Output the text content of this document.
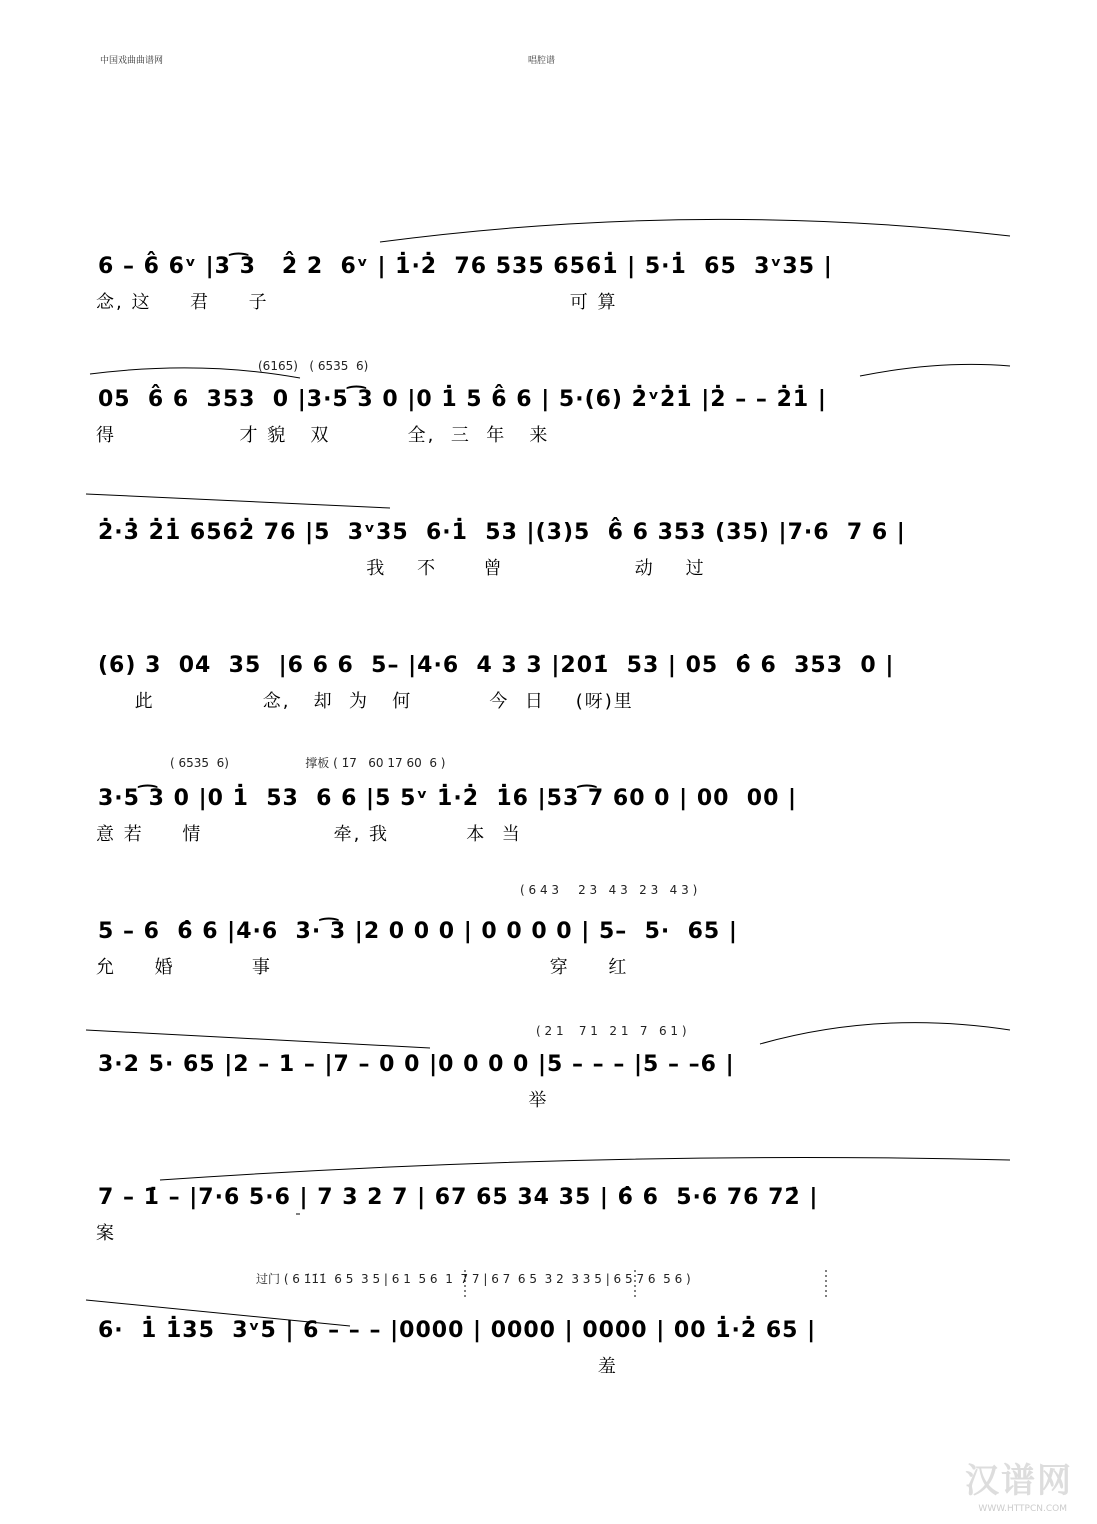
中国戏曲曲谱网	唱腔谱
6 – 6̂ 6ᵛ |3 ͡3   2̂ 2  6ᵛ | 1̇·2̇  76 535 6561̇ | 5·1̇  65  3ᵛ35 |
念, 这     君     子                                       可 算
(6165)   ( 6535  6)
05  6̂ 6  353  0 |3·5 ͡3 0 |0 1̇ 5 6̂ 6 | 5·(6) 2̇ᵛ2̇1̇ |2̇ – – 2̇1̇ |
得                才 貌   双          全,  三  年   来
2̇·3̇ 2̇1̇ 6562̇ 76 |5  3ᵛ35  6·1̇  53 |(3)5  6̂ 6 353 (35) |7·6  7 6 |
我    不      曾                 动    过
(6) 3  04  35  |6 6 6  5– |4·6  4 3 3 |201̇  53 | 05  6̂ 6  353  0 |
此              念,   却  为   何          今  日    (呀)里
( 6535  6)                    撑板 ( 1̇7   60 17 60  6 )
3·5 ͡3 0 |0 1̇  53  6 6 |5 5ᵛ 1̇·2̇  1̇6 |53 ͡7 60 0 | 00  00 |
意 若     情                 牵, 我          本  当
( 6 4 3     2 3   4 3   2 3   4 3 )
5 – 6  6̂ 6 |4·6  3· ͡3 |2 0 0 0 | 0 0 0 0 | 5–  5·  65 |
允     婚          事                                    穿     红
( 2 1    7 1   2 1   7   6 1 )
3·2 5· 65 |2 – 1 – |7 – 0 0 |0 0 0 0 |5 – – – |5 – –6 |
举
7 – 1̇ – |7·6 5·6 | 7 3 2 7 | 67 65 34 35 | 6̂ 6  5·6 76 72̇ |
案
过门 ( 6 1̇1̇1̇  6 5  3 5 | 6 1  5 6  1  7 7 | 6 7  6 5  3 2  3 3 5 | 6 5 7 6  5 6 )
6·  1̇ 1̇35  3ᵛ5 | 6 – – – |0000 | 0000 | 0000 | 00 1̇·2̇ 65 |
羞
汉谱网
WWW.HTTPCN.COM
